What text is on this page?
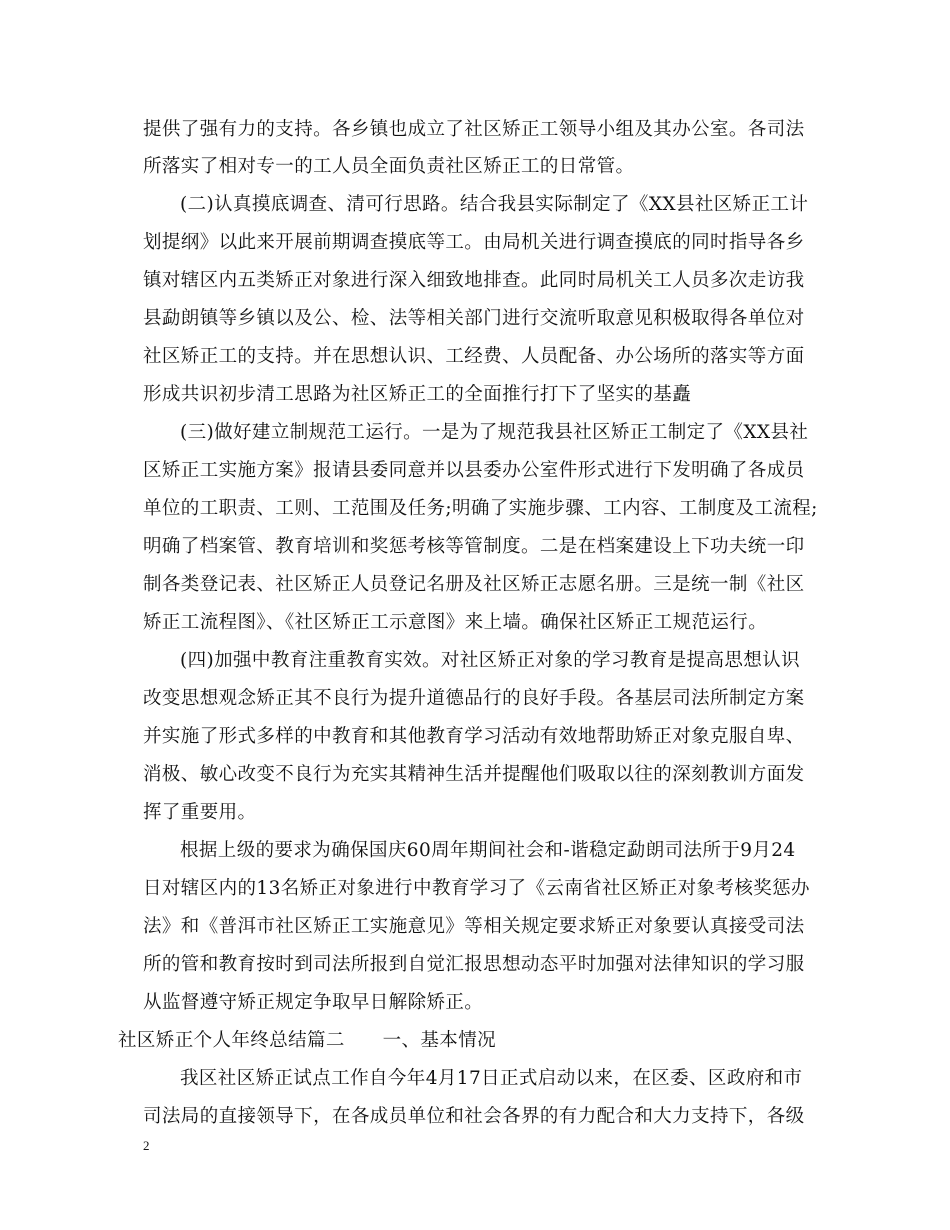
提供了强有力的支持。各乡镇也成立了社区矫正工领导小组及其办公室。各司法
所落实了相对专一的工人员全面负责社区矫正工的日常管。
(二)认真摸底调查、清可行思路。结合我县实际制定了《XX县社区矫正工计
划提纲》以此来开展前期调查摸底等工。由局机关进行调查摸底的同时指导各乡
镇对辖区内五类矫正对象进行深入细致地排查。此同时局机关工人员多次走访我
县勐朗镇等乡镇以及公、检、法等相关部门进行交流听取意见积极取得各单位对
社区矫正工的支持。并在思想认识、工经费、人员配备、办公场所的落实等方面
形成共识初步清工思路为社区矫正工的全面推行打下了坚实的基矗
(三)做好建立制规范工运行。一是为了规范我县社区矫正工制定了《XX县社
区矫正工实施方案》报请县委同意并以县委办公室件形式进行下发明确了各成员
单位的工职责、工则、工范围及任务;明确了实施步骤、工内容、工制度及工流程;
明确了档案管、教育培训和奖惩考核等管制度。二是在档案建设上下功夫统一印
制各类登记表、社区矫正人员登记名册及社区矫正志愿名册。三是统一制《社区
矫正工流程图》、《社区矫正工示意图》来上墙。确保社区矫正工规范运行。
(四)加强中教育注重教育实效。对社区矫正对象的学习教育是提高思想认识
改变思想观念矫正其不良行为提升道德品行的良好手段。各基层司法所制定方案
并实施了形式多样的中教育和其他教育学习活动有效地帮助矫正对象克服自卑、
消极、敏心改变不良行为充实其精神生活并提醒他们吸取以往的深刻教训方面发
挥了重要用。
根据上级的要求为确保国庆60周年期间社会和-谐稳定勐朗司法所于9月24
日对辖区内的13名矫正对象进行中教育学习了《云南省社区矫正对象考核奖惩办
法》和《普洱市社区矫正工实施意见》等相关规定要求矫正对象要认真接受司法
所的管和教育按时到司法所报到自觉汇报思想动态平时加强对法律知识的学习服
从监督遵守矫正规定争取早日解除矫正。
社区矫正个人年终总结篇二　　一、基本情况
我区社区矫正试点工作自今年4月17日正式启动以来，在区委、区政府和市
司法局的直接领导下，在各成员单位和社会各界的有力配合和大力支持下，各级
2
